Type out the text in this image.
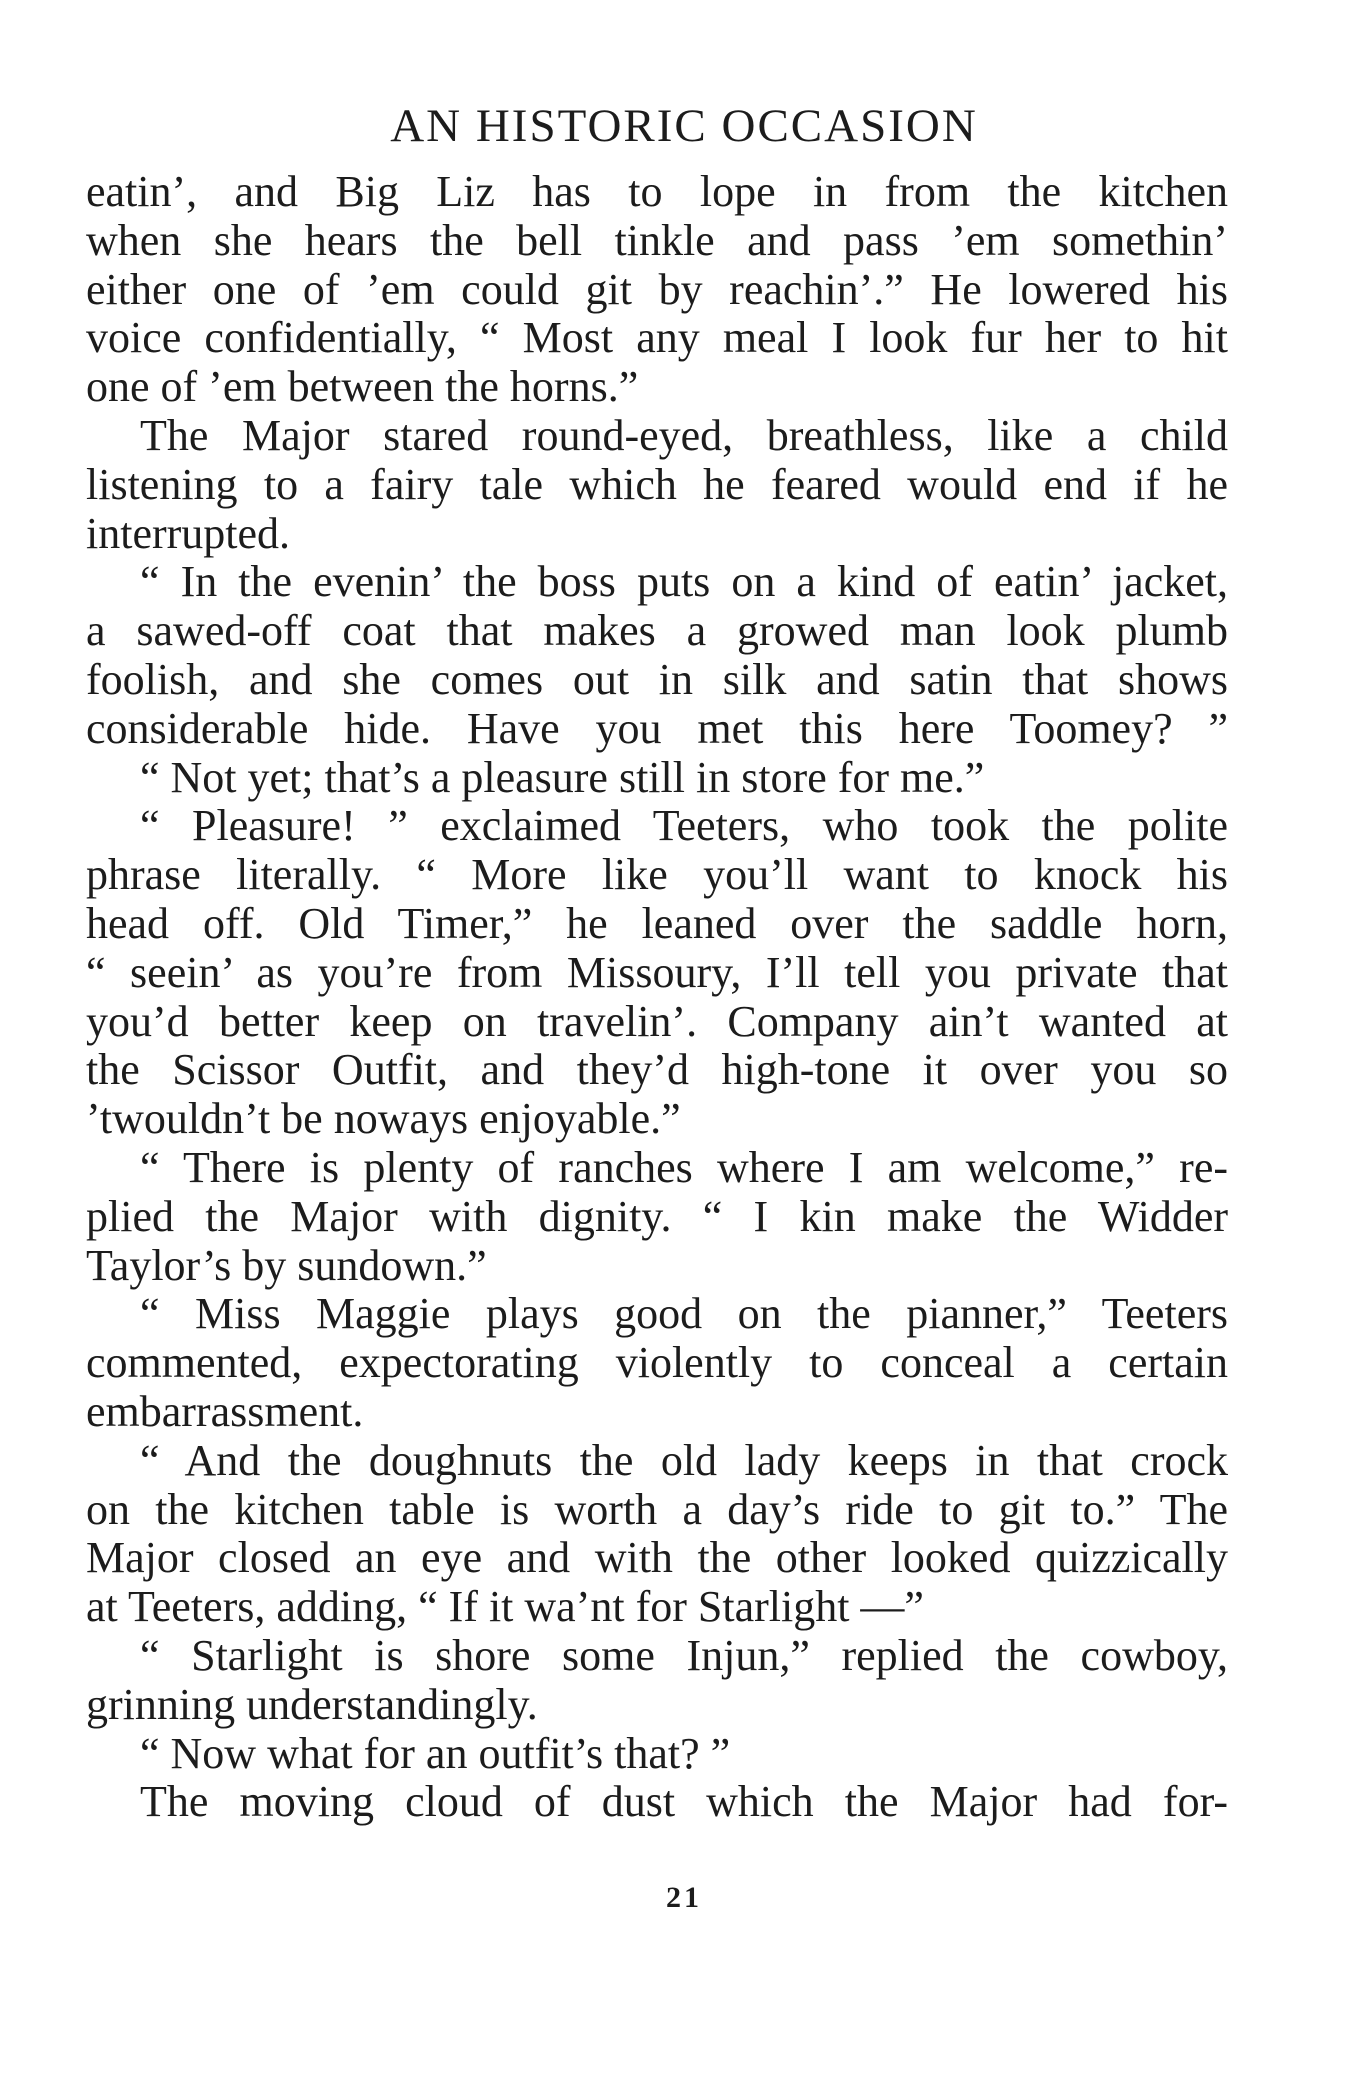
AN HISTORIC OCCASION
eatin’, and Big Liz has to lope in from the kitchen
when she hears the bell tinkle and pass ’em somethin’
either one of ’em could git by reachin’.” He lowered his
voice confidentially, “ Most any meal I look fur her to hit
one of ’em between the horns.”
The Major stared round-eyed, breathless, like a child
listening to a fairy tale which he feared would end if he
interrupted.
“ In the evenin’ the boss puts on a kind of eatin’ jacket,
a sawed-off coat that makes a growed man look plumb
foolish, and she comes out in silk and satin that shows
considerable hide. Have you met this here Toomey? ”
“ Not yet; that’s a pleasure still in store for me.”
“ Pleasure! ” exclaimed Teeters, who took the polite
phrase literally. “ More like you’ll want to knock his
head off. Old Timer,” he leaned over the saddle horn,
“ seein’ as you’re from Missoury, I’ll tell you private that
you’d better keep on travelin’. Company ain’t wanted at
the Scissor Outfit, and they’d high-tone it over you so
’twouldn’t be noways enjoyable.”
“ There is plenty of ranches where I am welcome,” re-
plied the Major with dignity. “ I kin make the Widder
Taylor’s by sundown.”
“ Miss Maggie plays good on the pianner,” Teeters
commented, expectorating violently to conceal a certain
embarrassment.
“ And the doughnuts the old lady keeps in that crock
on the kitchen table is worth a day’s ride to git to.” The
Major closed an eye and with the other looked quizzically
at Teeters, adding, “ If it wa’nt for Starlight —”
“ Starlight is shore some Injun,” replied the cowboy,
grinning understandingly.
“ Now what for an outfit’s that? ”
The moving cloud of dust which the Major had for-
21
